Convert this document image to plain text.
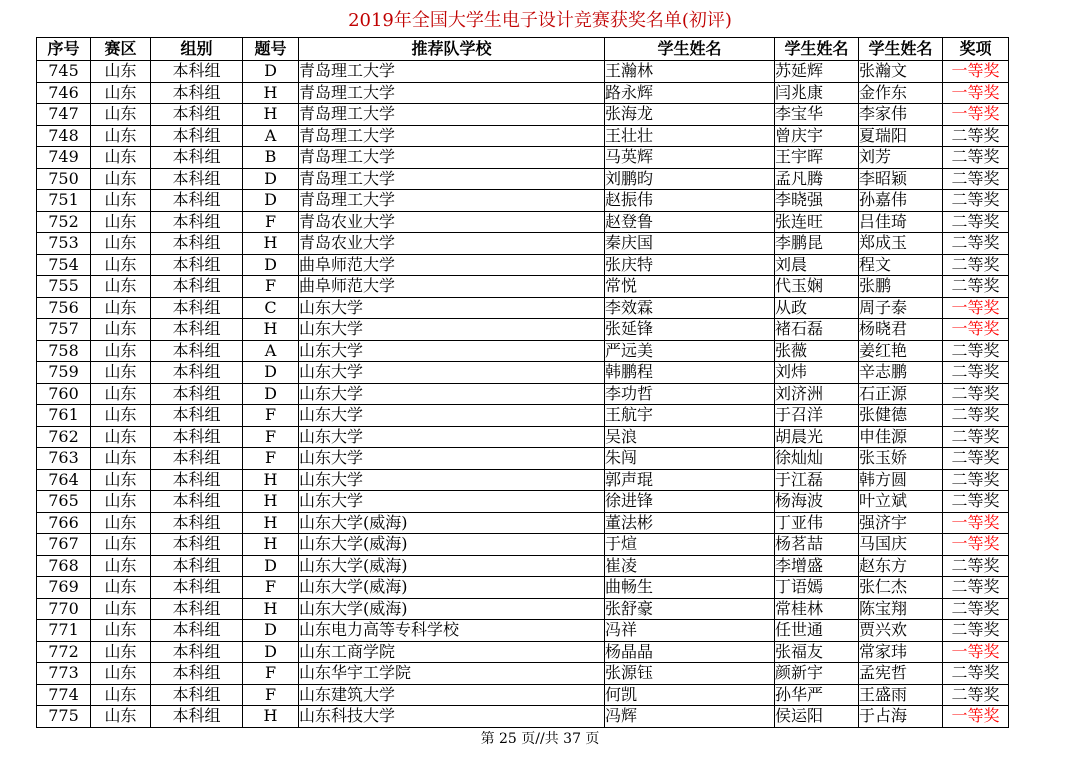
2019年全国大学生电子设计竞赛获奖名单(初评)
序号	赛区	组别	题号	推荐队学校	学生姓名	学生姓名	学生姓名	奖项
745	山东	本科组	D	青岛理工大学	王瀚林	苏延辉	张瀚文	一等奖
746	山东	本科组	H	青岛理工大学	路永辉	闫兆康	金作东	一等奖
747	山东	本科组	H	青岛理工大学	张海龙	李宝华	李家伟	一等奖
748	山东	本科组	A	青岛理工大学	王壮壮	曾庆宇	夏瑞阳	二等奖
749	山东	本科组	B	青岛理工大学	马英辉	王宇晖	刘芳	二等奖
750	山东	本科组	D	青岛理工大学	刘鹏昀	孟凡腾	李昭颖	二等奖
751	山东	本科组	D	青岛理工大学	赵振伟	李晓强	孙嘉伟	二等奖
752	山东	本科组	F	青岛农业大学	赵登鲁	张连旺	吕佳琦	二等奖
753	山东	本科组	H	青岛农业大学	秦庆国	李鹏昆	郑成玉	二等奖
754	山东	本科组	D	曲阜师范大学	张庆特	刘晨	程文	二等奖
755	山东	本科组	F	曲阜师范大学	常悦	代玉娴	张鹏	二等奖
756	山东	本科组	C	山东大学	李效霖	从政	周子泰	一等奖
757	山东	本科组	H	山东大学	张延锋	褚石磊	杨晓君	一等奖
758	山东	本科组	A	山东大学	严远美	张薇	姜红艳	二等奖
759	山东	本科组	D	山东大学	韩鹏程	刘炜	辛志鹏	二等奖
760	山东	本科组	D	山东大学	李功哲	刘济洲	石正源	二等奖
761	山东	本科组	F	山东大学	王航宇	于召洋	张健德	二等奖
762	山东	本科组	F	山东大学	吴浪	胡晨光	申佳源	二等奖
763	山东	本科组	F	山东大学	朱闯	徐灿灿	张玉娇	二等奖
764	山东	本科组	H	山东大学	郭声琨	于江磊	韩方圆	二等奖
765	山东	本科组	H	山东大学	徐进锋	杨海波	叶立斌	二等奖
766	山东	本科组	H	山东大学(威海)	董法彬	丁亚伟	强济宇	一等奖
767	山东	本科组	H	山东大学(威海)	于煊	杨茗喆	马国庆	一等奖
768	山东	本科组	D	山东大学(威海)	崔凌	李增盛	赵东方	二等奖
769	山东	本科组	F	山东大学(威海)	曲畅生	丁语嫣	张仁杰	二等奖
770	山东	本科组	H	山东大学(威海)	张舒豪	常桂林	陈宝翔	二等奖
771	山东	本科组	D	山东电力高等专科学校	冯祥	任世通	贾兴欢	二等奖
772	山东	本科组	D	山东工商学院	杨晶晶	张福友	常家玮	一等奖
773	山东	本科组	F	山东华宇工学院	张源钰	颜新宇	孟宪哲	二等奖
774	山东	本科组	F	山东建筑大学	何凯	孙华严	王盛雨	二等奖
775	山东	本科组	H	山东科技大学	冯辉	侯运阳	于占海	一等奖
第 25 页//共 37 页
